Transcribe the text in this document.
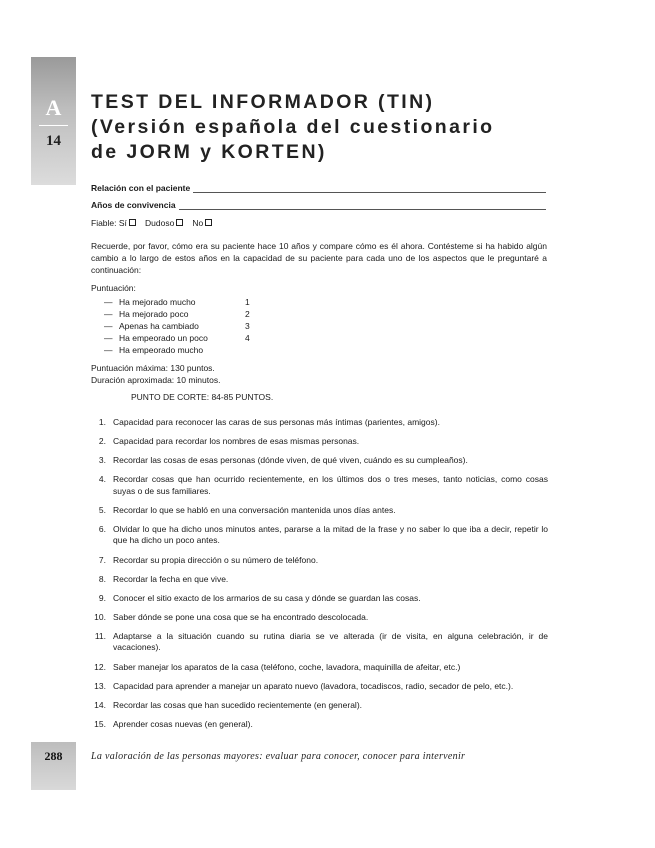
A
14
TEST DEL INFORMADOR (TIN)
(Versión española del cuestionario
de JORM y KORTEN)
Relación con el paciente
Años de convivencia
Fiable: Sí Dudoso No
Recuerde, por favor, cómo era su paciente hace 10 años y compare cómo es él ahora. Contésteme si ha habido algún cambio a lo largo de estos años en la capacidad de su paciente para cada uno de los aspectos que le preguntaré a continuación:
Puntuación:
— Ha mejorado mucho	1
— Ha mejorado poco	2
— Apenas ha cambiado	3
— Ha empeorado un poco	4
— Ha empeorado mucho
Puntuación máxima: 130 puntos.
Duración aproximada: 10 minutos.
PUNTO DE CORTE: 84-85 PUNTOS.
1. Capacidad para reconocer las caras de sus personas más íntimas (parientes, amigos).
2. Capacidad para recordar los nombres de esas mismas personas.
3. Recordar las cosas de esas personas (dónde viven, de qué viven, cuándo es su cumpleaños).
4. Recordar cosas que han ocurrido recientemente, en los últimos dos o tres meses, tanto noticias, como cosas suyas o de sus familiares.
5. Recordar lo que se habló en una conversación mantenida unos días antes.
6. Olvidar lo que ha dicho unos minutos antes, pararse a la mitad de la frase y no saber lo que iba a decir, repetir lo que ha dicho un poco antes.
7. Recordar su propia dirección o su número de teléfono.
8. Recordar la fecha en que vive.
9. Conocer el sitio exacto de los armarios de su casa y dónde se guardan las cosas.
10. Saber dónde se pone una cosa que se ha encontrado descolocada.
11. Adaptarse a la situación cuando su rutina diaria se ve alterada (ir de visita, en alguna celebración, ir de vacaciones).
12. Saber manejar los aparatos de la casa (teléfono, coche, lavadora, maquinilla de afeitar, etc.)
13. Capacidad para aprender a manejar un aparato nuevo (lavadora, tocadiscos, radio, secador de pelo, etc.).
14. Recordar las cosas que han sucedido recientemente (en general).
15. Aprender cosas nuevas (en general).
288	La valoración de las personas mayores: evaluar para conocer, conocer para intervenir
